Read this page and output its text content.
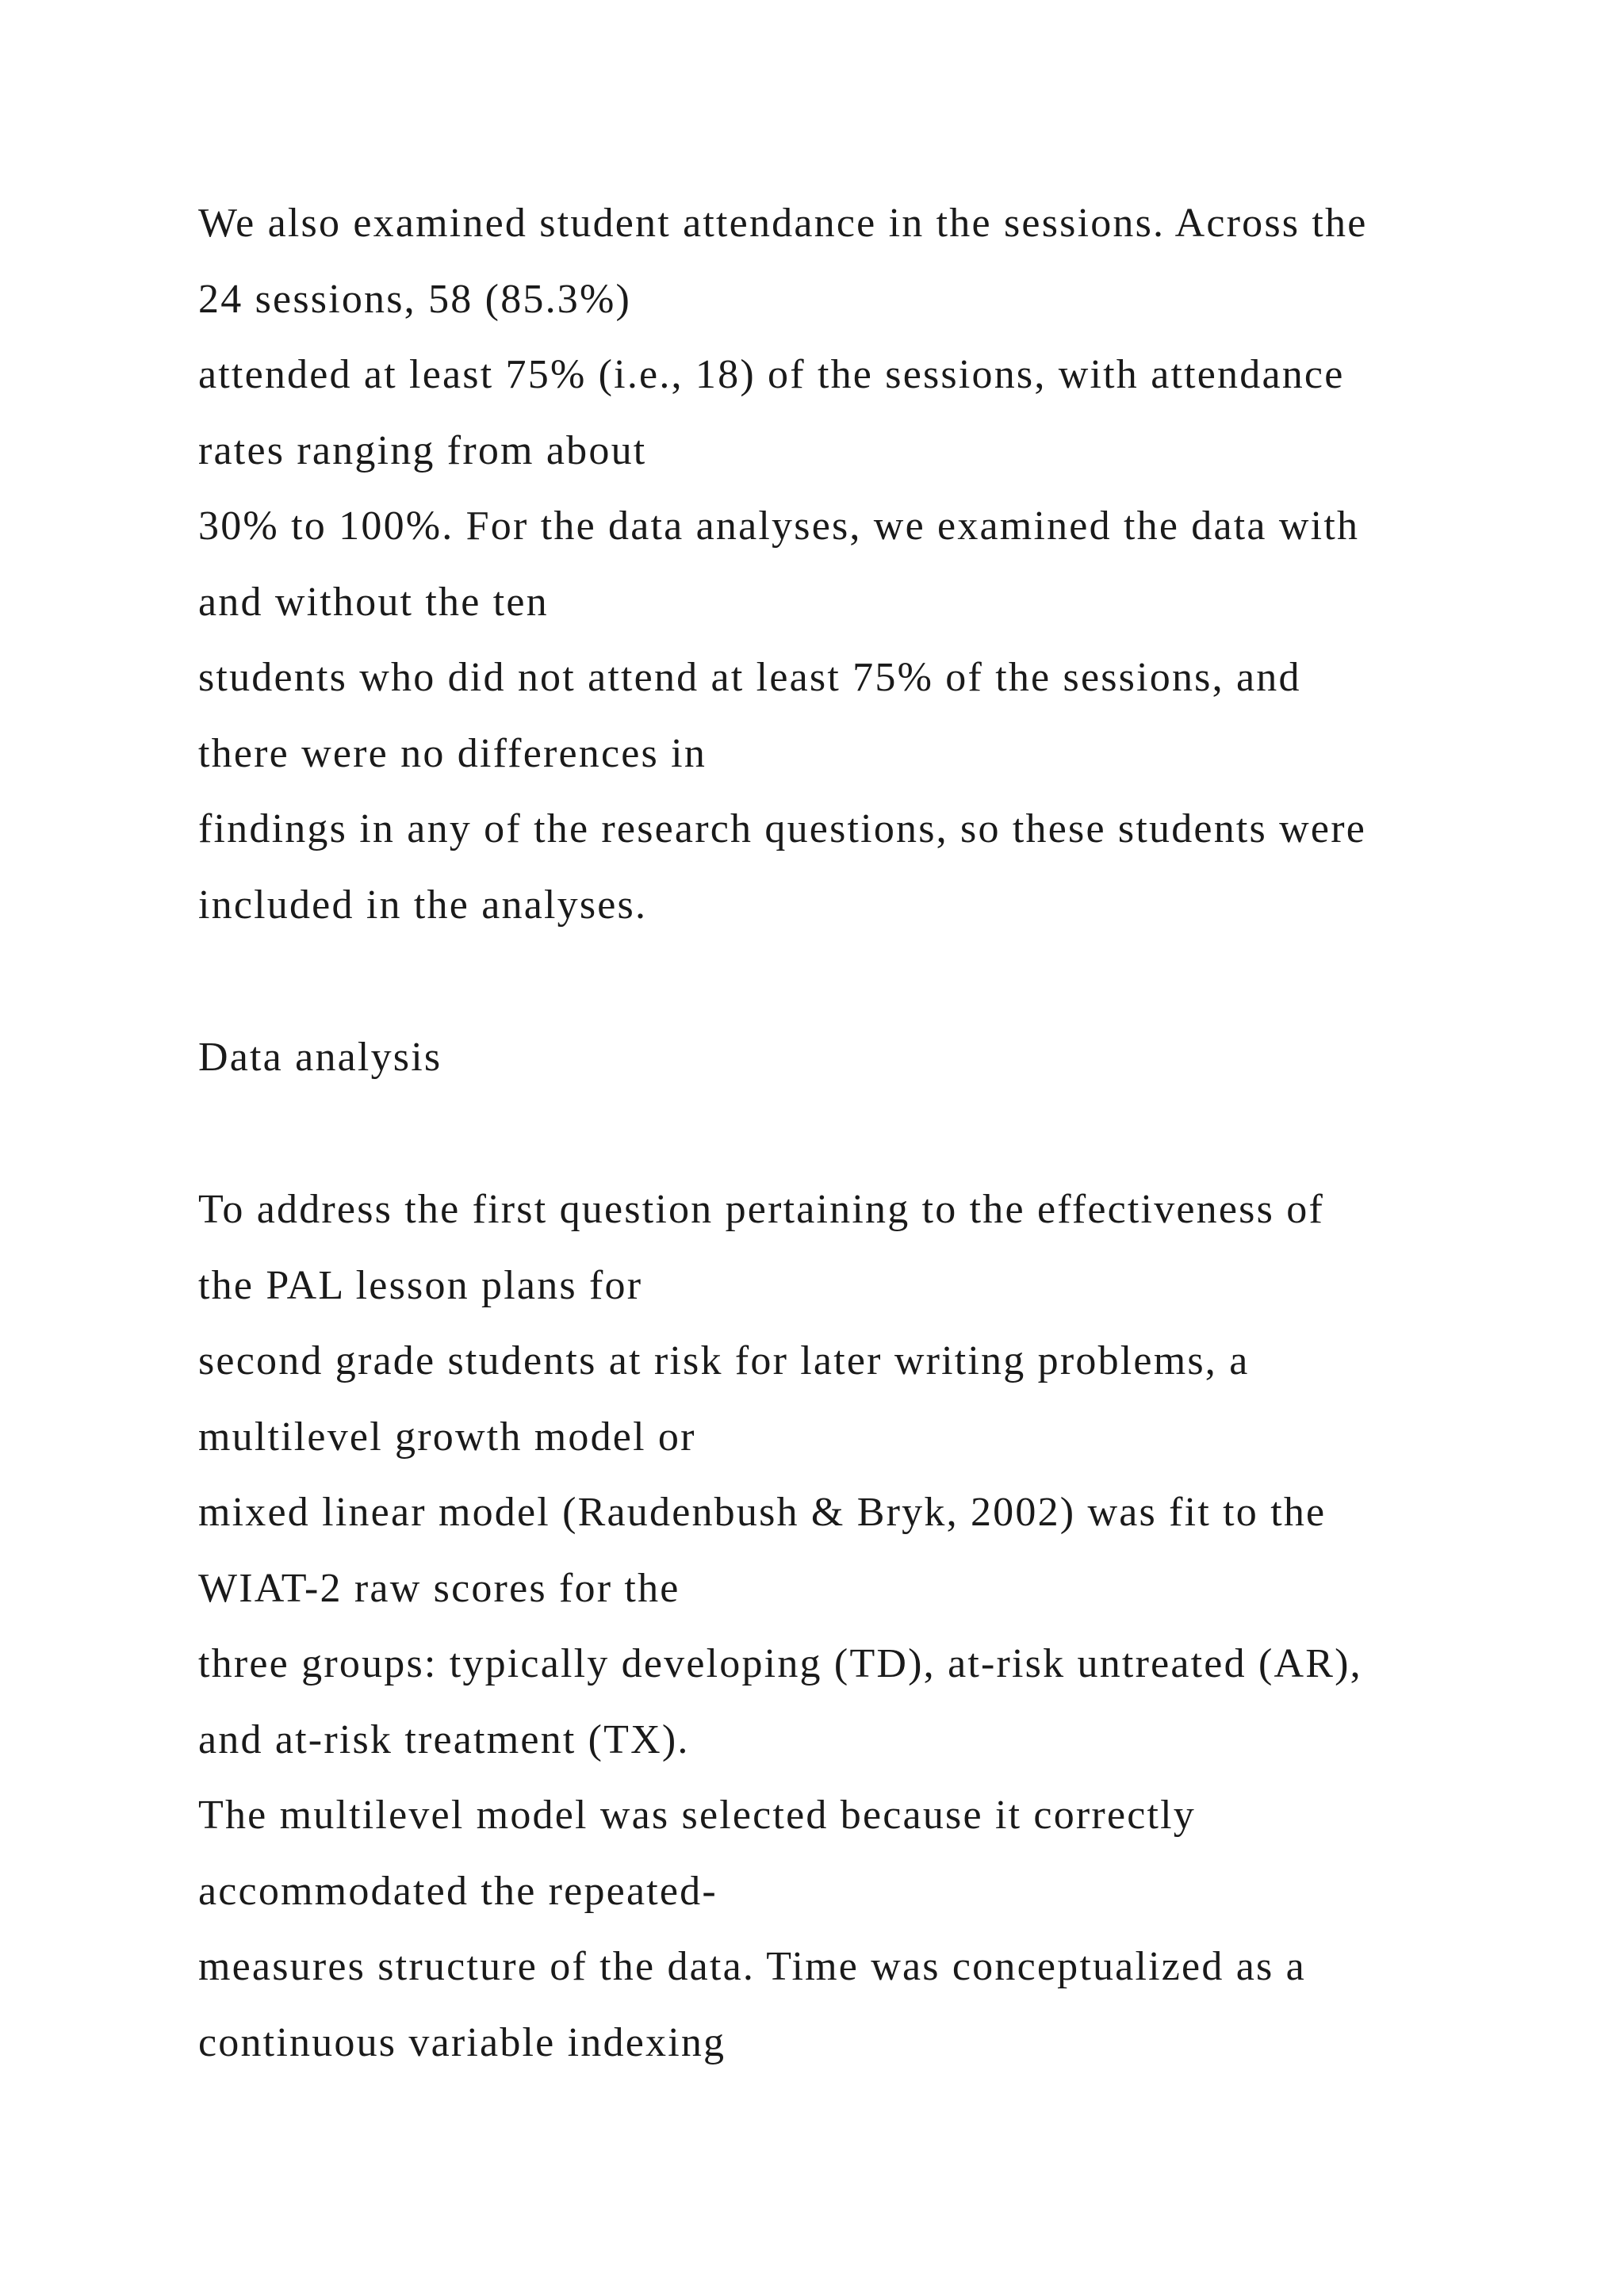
We also examined student attendance in the sessions. Across the
24 sessions, 58 (85.3%)
attended at least 75% (i.e., 18) of the sessions, with attendance
rates ranging from about
30% to 100%. For the data analyses, we examined the data with
and without the ten
students who did not attend at least 75% of the sessions, and
there were no differences in
findings in any of the research questions, so these students were
included in the analyses.

Data analysis

To address the first question pertaining to the effectiveness of
the PAL lesson plans for
second grade students at risk for later writing problems, a
multilevel growth model or
mixed linear model (Raudenbush & Bryk, 2002) was fit to the
WIAT-2 raw scores for the
three groups: typically developing (TD), at-risk untreated (AR),
and at-risk treatment (TX).
The multilevel model was selected because it correctly
accommodated the repeated-
measures structure of the data. Time was conceptualized as a
continuous variable indexing
